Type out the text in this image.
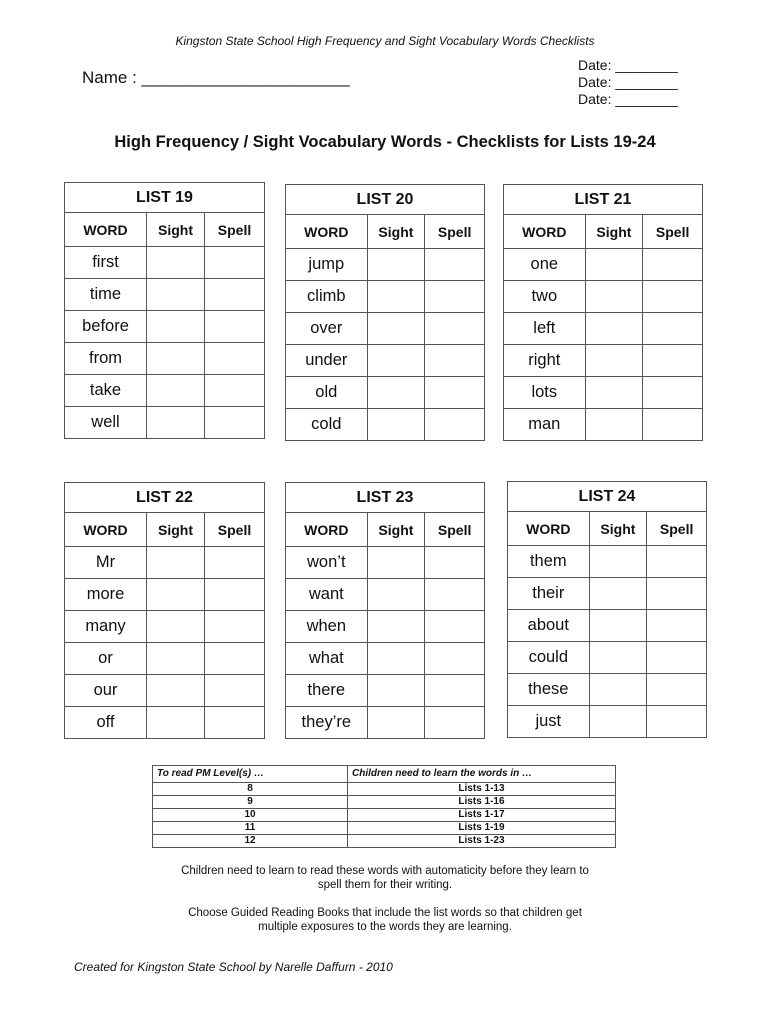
Kingston State School High Frequency and Sight Vocabulary Words Checklists
Name : ______________________
Date: ________
Date: ________
Date: ________
High Frequency / Sight Vocabulary Words - Checklists for Lists 19-24
LIST 19		
WORD	Sight	Spell
first		
time		
before		
from		
take		
well		
LIST 20		
WORD	Sight	Spell
jump		
climb		
over		
under		
old		
cold		
LIST 21		
WORD	Sight	Spell
one		
two		
left		
right		
lots		
man		
LIST 22		
WORD	Sight	Spell
Mr		
more		
many		
or		
our		
off		
LIST 23		
WORD	Sight	Spell
won’t		
want		
when		
what		
there		
they’re		
LIST 24		
WORD	Sight	Spell
them		
their		
about		
could		
these		
just		
To read PM Level(s) …	Children need to learn the words in …
8	Lists 1-13
9	Lists 1-16
10	Lists 1-17
11	Lists 1-19
12	Lists 1-23
Children need to learn to read these words with automaticity before they learn to
spell them for their writing.
Choose Guided Reading Books that include the list words so that children get
multiple exposures to the words they are learning.
Created for Kingston State School by Narelle Daffurn - 2010
